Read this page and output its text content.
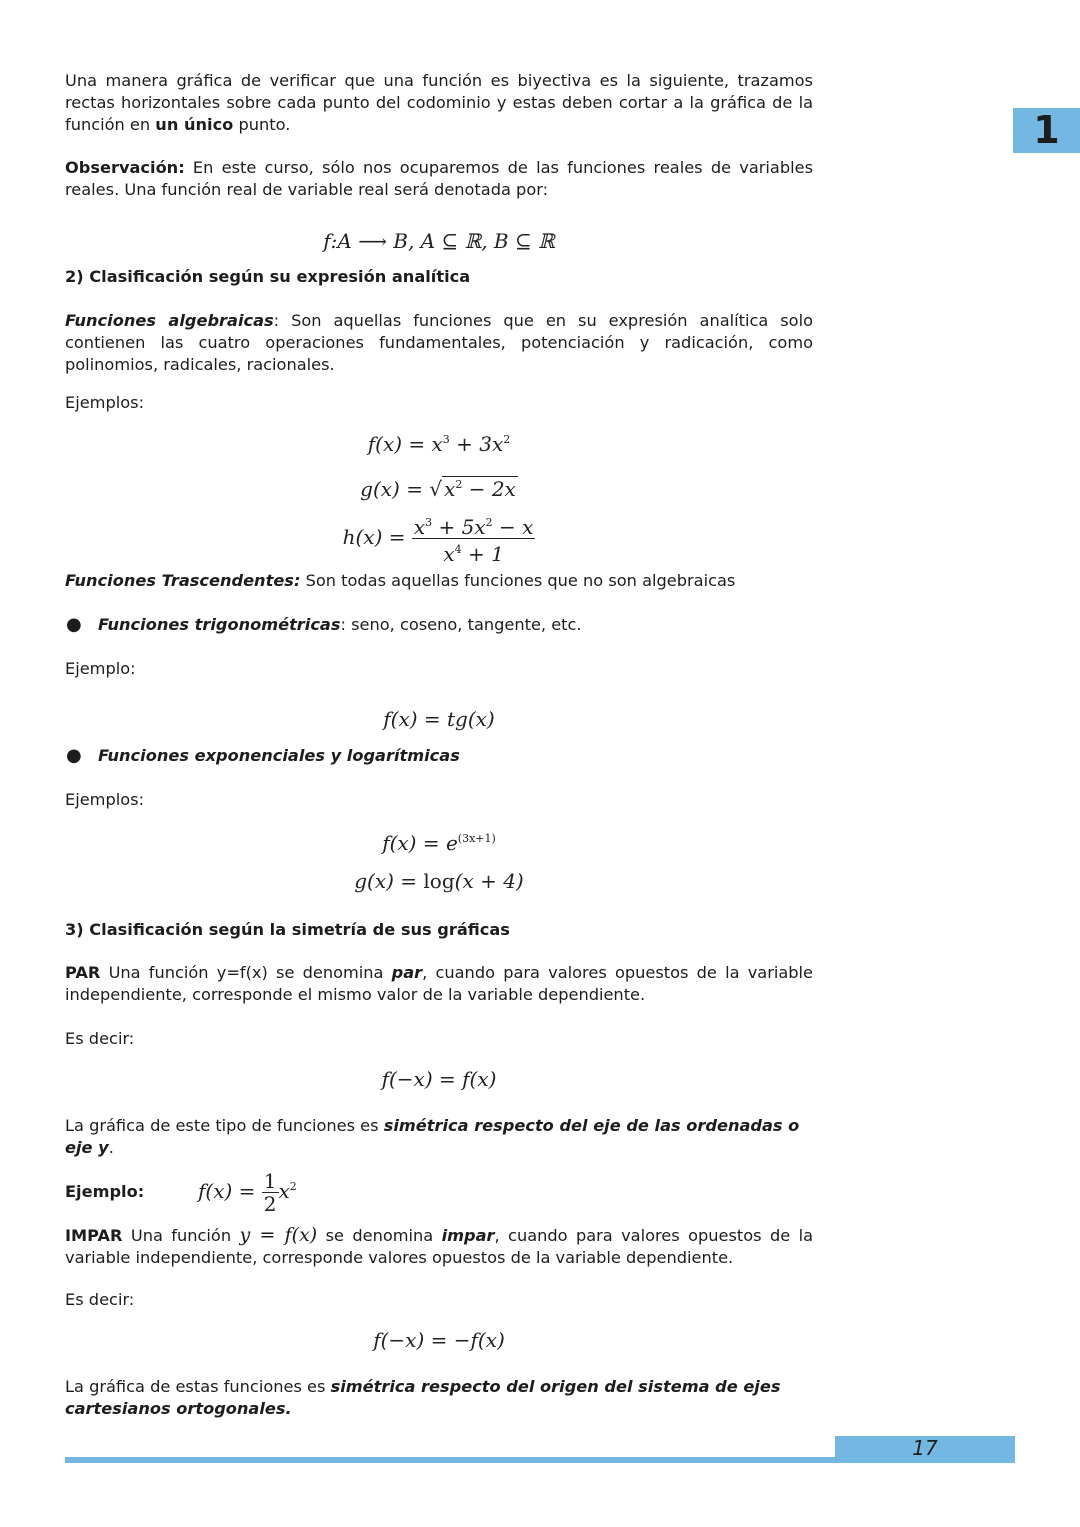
1

Una manera gráfica de verificar que una función es biyectiva es la siguiente, trazamos rectas horizontales sobre cada punto del codominio y estas deben cortar a la gráfica de la función en un único punto.

Observación: En este curso, sólo nos ocuparemos de las funciones reales de variables reales. Una función real de variable real será denotada por:

f:A ⟶ B, A ⊆ ℝ, B ⊆ ℝ

2) Clasificación según su expresión analítica

Funciones algebraicas: Son aquellas funciones que en su expresión analítica solo contienen las cuatro operaciones fundamentales, potenciación y radicación, como polinomios, radicales, racionales.

Ejemplos:

$f(x) = x^3 + 3x^2$

g(x) = √ $x^2 - 2x$

$h(x) = \frac{x^3 + 5x^2 - x}{x^4 + 1}$

Funciones Trascendentes: Son todas aquellas funciones que no son algebraicas

● Funciones trigonométricas: seno, coseno, tangente, etc.

Ejemplo:

f(x) = tg(x)

● Funciones exponenciales y logarítmicas

Ejemplos:

$f(x) = e^{(3x+1)}$

g(x) = log(x + 4)

3) Clasificación según la simetría de sus gráficas

PAR Una función y=f(x) se denomina par, cuando para valores opuestos de la variable independiente, corresponde el mismo valor de la variable dependiente.

Es decir:

f(−x) = f(x)

La gráfica de este tipo de funciones es simétrica respecto del eje de las ordenadas o eje y.

Ejemplo:	$f(x) = \frac{1}{2} x^2$

IMPAR Una función y = f(x) se denomina impar, cuando para valores opuestos de la variable independiente, corresponde valores opuestos de la variable dependiente.

Es decir:

f(−x) = −f(x)

La gráfica de estas funciones es simétrica respecto del origen del sistema de ejes cartesianos ortogonales.

17
